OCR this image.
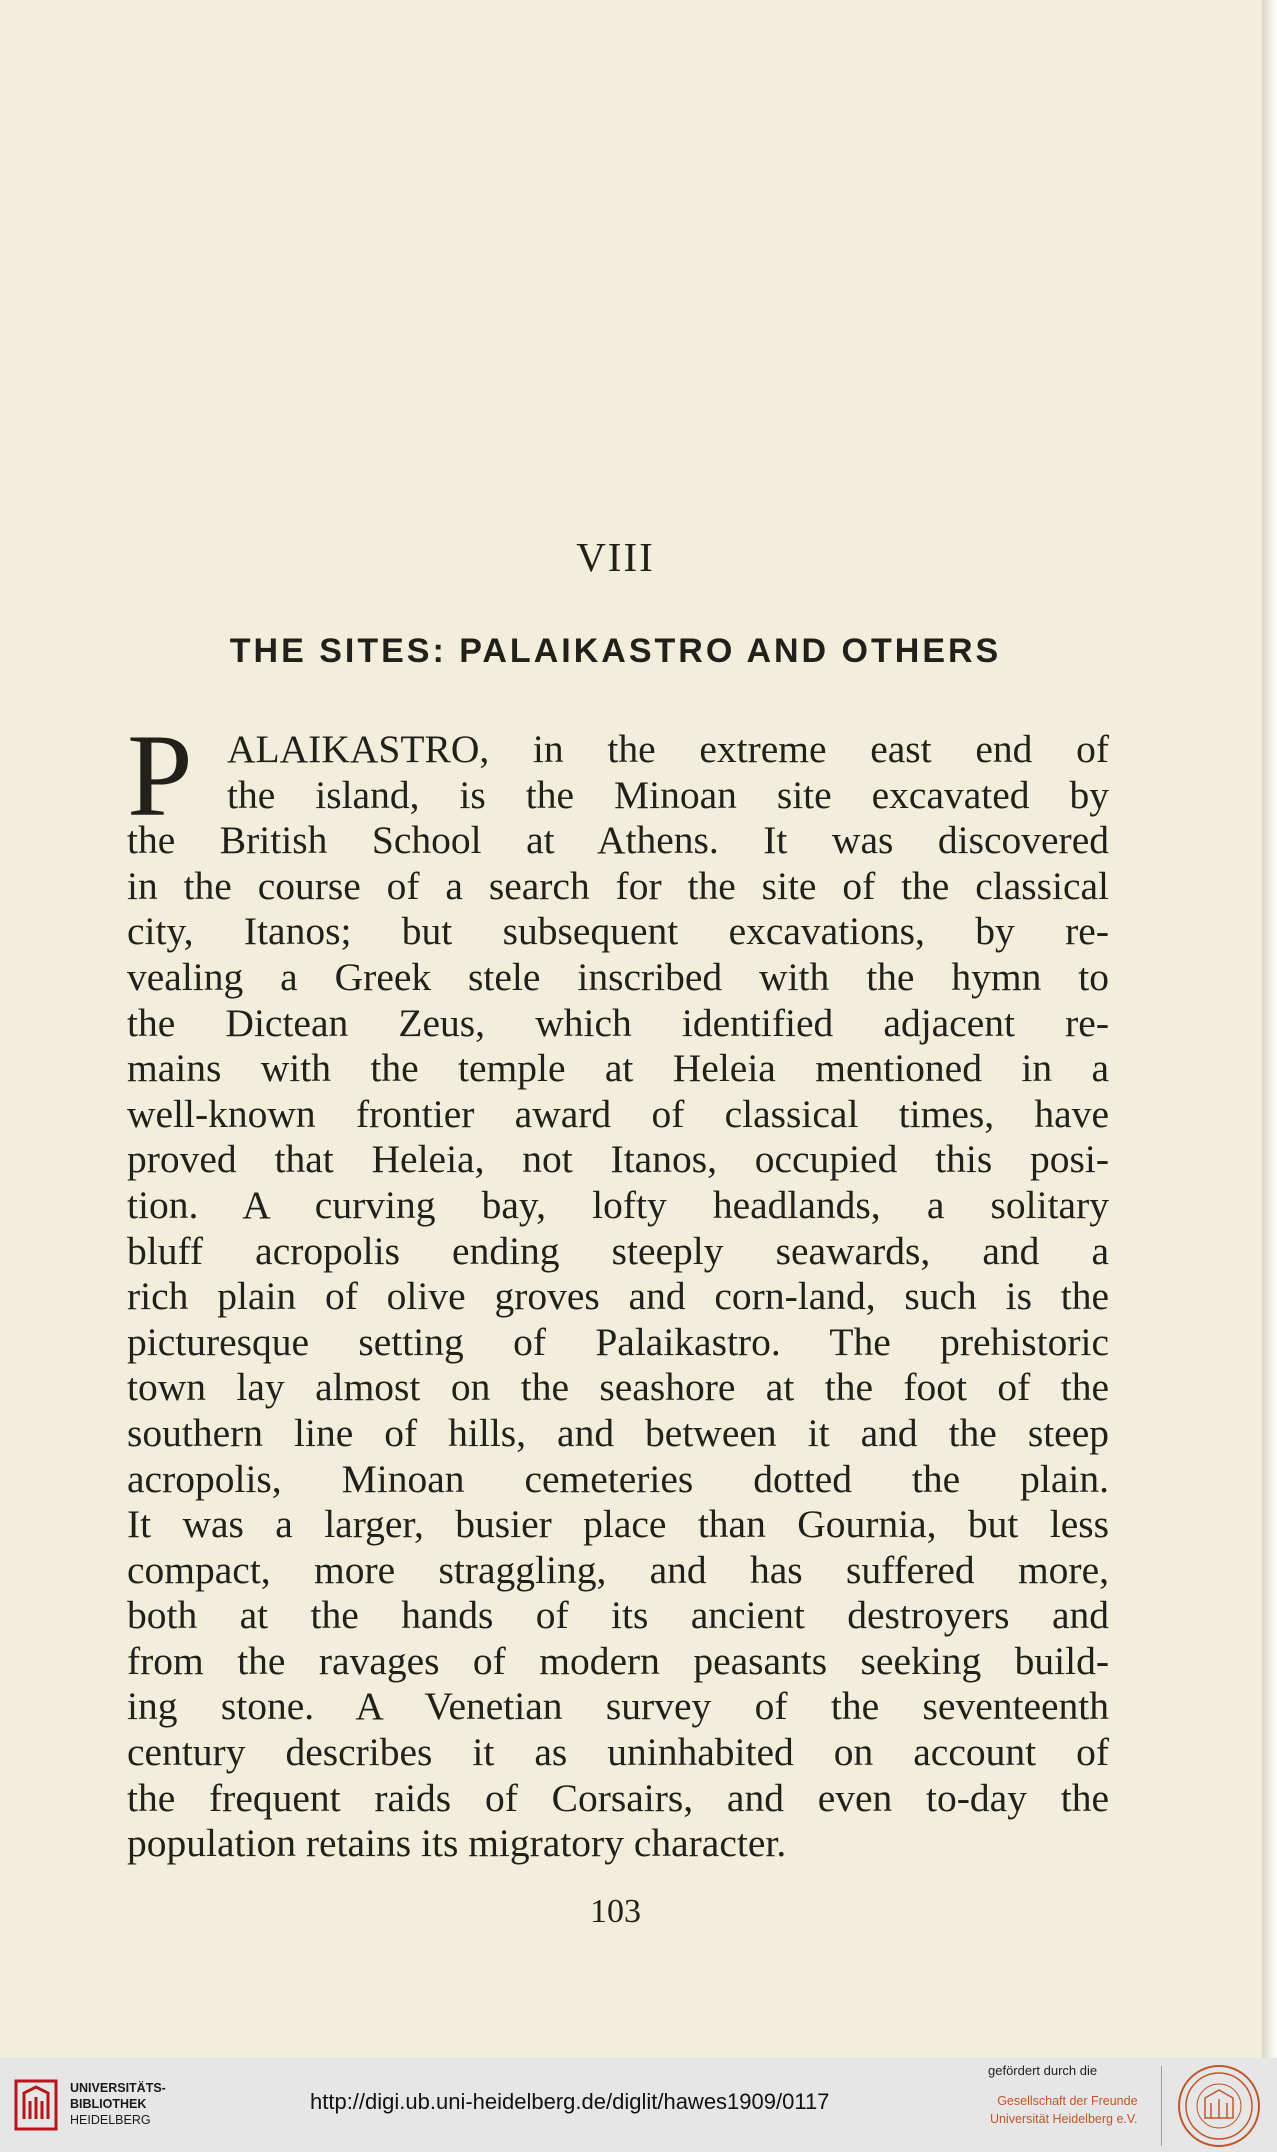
VIII
THE SITES: PALAIKASTRO AND OTHERS
P ALAIKASTRO, in the extreme east end of
the island, is the Minoan site excavated by
the British School at Athens. It was discovered
in the course of a search for the site of the classical
city, Itanos; but subsequent excavations, by re-
vealing a Greek stele inscribed with the hymn to
the Dictean Zeus, which identified adjacent re-
mains with the temple at Heleia mentioned in a
well-known frontier award of classical times, have
proved that Heleia, not Itanos, occupied this posi-
tion. A curving bay, lofty headlands, a solitary
bluff acropolis ending steeply seawards, and a
rich plain of olive groves and corn-land, such is the
picturesque setting of Palaikastro. The prehistoric
town lay almost on the seashore at the foot of the
southern line of hills, and between it and the steep
acropolis, Minoan cemeteries dotted the plain.
It was a larger, busier place than Gournia, but less
compact, more straggling, and has suffered more,
both at the hands of its ancient destroyers and
from the ravages of modern peasants seeking build-
ing stone. A Venetian survey of the seventeenth
century describes it as uninhabited on account of
the frequent raids of Corsairs, and even to-day the
population retains its migratory character.
103
UNIVERSITÄTS-
BIBLIOTHEK
HEIDELBERG
http://digi.ub.uni-heidelberg.de/diglit/hawes1909/0117
gefördert durch die
Gesellschaft der Freunde
Universität Heidelberg e.V.
